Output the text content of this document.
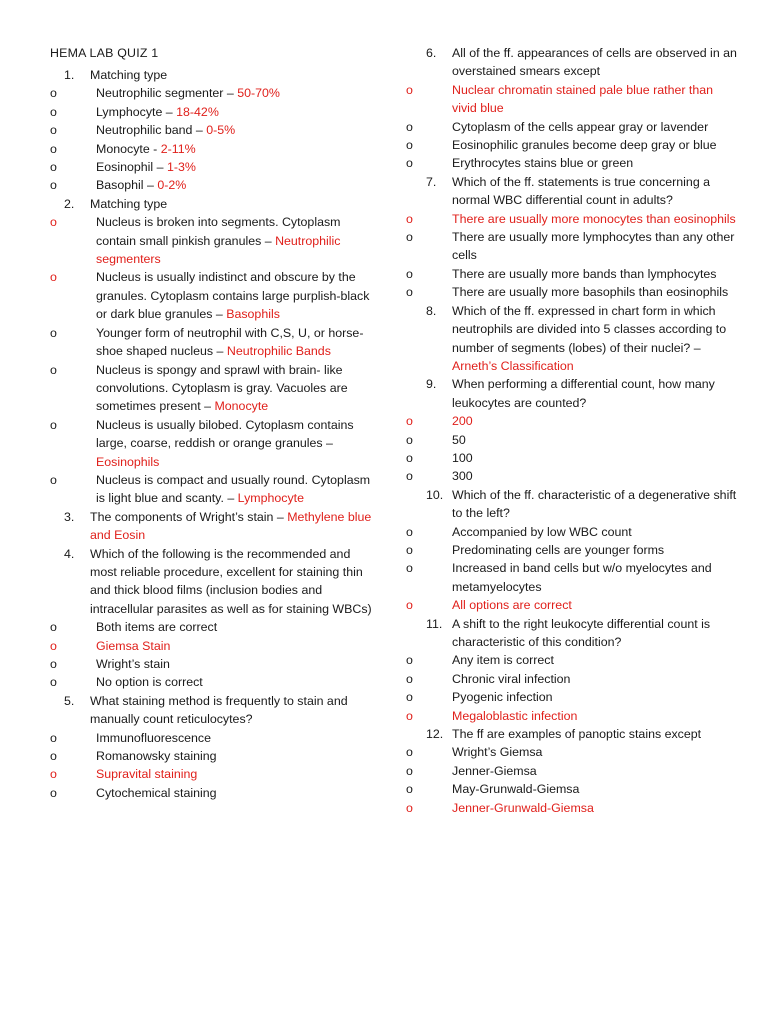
HEMA LAB QUIZ 1
1. Matching type
o Neutrophilic segmenter – 50-70%
o Lymphocyte – 18-42%
o Neutrophilic band – 0-5%
o Monocyte - 2-11%
o Eosinophil – 1-3%
o Basophil – 0-2%
2. Matching type
o Nucleus is broken into segments. Cytoplasm contain small pinkish granules – Neutrophilic segmenters
o Nucleus is usually indistinct and obscure by the granules. Cytoplasm contains large purplish-black or dark blue granules – Basophils
o Younger form of neutrophil with C,S, U, or horse-shoe shaped nucleus – Neutrophilic Bands
o Nucleus is spongy and sprawl with brain- like convolutions. Cytoplasm is gray. Vacuoles are sometimes present – Monocyte
o Nucleus is usually bilobed. Cytoplasm contains large, coarse, reddish or orange granules – Eosinophils
o Nucleus is compact and usually round. Cytoplasm is light blue and scanty. – Lymphocyte
3. The components of Wright’s stain – Methylene blue and Eosin
4. Which of the following is the recommended and most reliable procedure, excellent for staining thin and thick blood films (inclusion bodies and intracellular parasites as well as for staining WBCs)
o Both items are correct
o Giemsa Stain
o Wright’s stain
o No option is correct
5. What staining method is frequently to stain and manually count reticulocytes?
o Immunofluorescence
o Romanowsky staining
o Supravital staining
o Cytochemical staining
6. All of the ff. appearances of cells are observed in an overstained smears except
o Nuclear chromatin stained pale blue rather than vivid blue
o Cytoplasm of the cells appear gray or lavender
o Eosinophilic granules become deep gray or blue
o Erythrocytes stains blue or green
7. Which of the ff. statements is true concerning a normal WBC differential count in adults?
o There are usually more monocytes than eosinophils
o There are usually more lymphocytes than any other cells
o There are usually more bands than lymphocytes
o There are usually more basophils than eosinophils
8. Which of the ff. expressed in chart form in which neutrophils are divided into 5 classes according to number of segments (lobes) of their nuclei? – Arneth’s Classification
9. When performing a differential count, how many leukocytes are counted?
o 200
o 50
o 100
o 300
10. Which of the ff. characteristic of a degenerative shift to the left?
o Accompanied by low WBC count
o Predominating cells are younger forms
o Increased in band cells but w/o myelocytes and metamyelocytes
o All options are correct
11. A shift to the right leukocyte differential count is characteristic of this condition?
o Any item is correct
o Chronic viral infection
o Pyogenic infection
o Megaloblastic infection
12. The ff are examples of panoptic stains except
o Wright’s Giemsa
o Jenner-Giemsa
o May-Grunwald-Giemsa
o Jenner-Grunwald-Giemsa
